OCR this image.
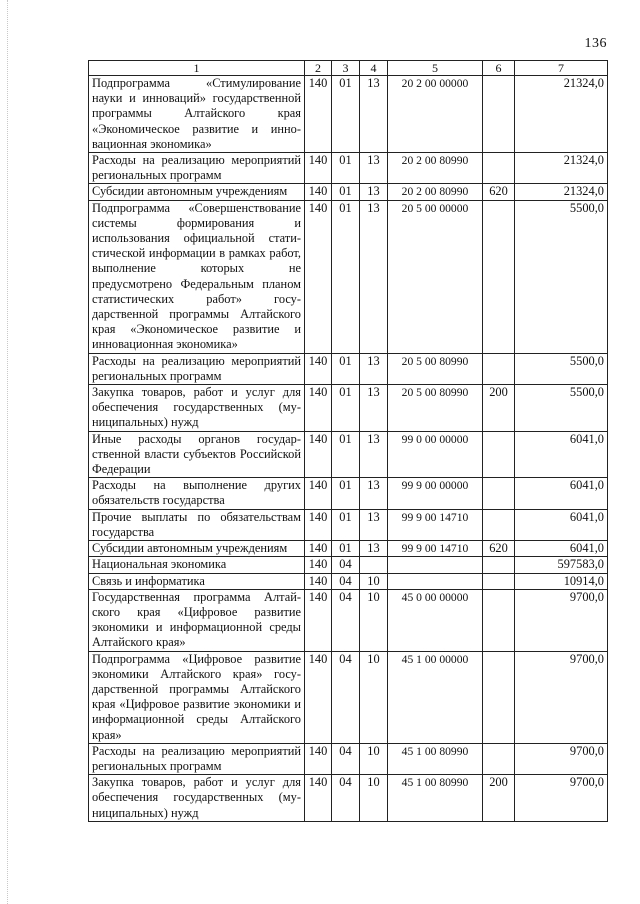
136
1	2	3	4	5	6	7
Подпрограмма «Стимулирование науки и инноваций» государственной программы Алтайского края «Экономическое развитие и инновационная экономика»	140	01	13	20 2 00 00000		21324,0
Расходы на реализацию мероприятий региональных программ	140	01	13	20 2 00 80990		21324,0
Субсидии автономным учреждениям	140	01	13	20 2 00 80990	620	21324,0
Подпрограмма «Совершенствование системы формирования и использования официальной статистической информации в рамках работ, выполнение которых не предусмотрено Федеральным планом статистических работ» государственной программы Алтайского края «Экономическое развитие и инновационная экономика»	140	01	13	20 5 00 00000		5500,0
Расходы на реализацию мероприятий региональных программ	140	01	13	20 5 00 80990		5500,0
Закупка товаров, работ и услуг для обеспечения государственных (муниципальных) нужд	140	01	13	20 5 00 80990	200	5500,0
Иные расходы органов государственной власти субъектов Российской Федерации	140	01	13	99 0 00 00000		6041,0
Расходы на выполнение других обязательств государства	140	01	13	99 9 00 00000		6041,0
Прочие выплаты по обязательствам государства	140	01	13	99 9 00 14710		6041,0
Субсидии автономным учреждениям	140	01	13	99 9 00 14710	620	6041,0
Национальная экономика	140	04				597583,0
Связь и информатика	140	04	10			10914,0
Государственная программа Алтайского края «Цифровое развитие экономики и информационной среды Алтайского края»	140	04	10	45 0 00 00000		9700,0
Подпрограмма «Цифровое развитие экономики Алтайского края» государственной программы Алтайского края «Цифровое развитие экономики и информационной среды Алтайского края»	140	04	10	45 1 00 00000		9700,0
Расходы на реализацию мероприятий региональных программ	140	04	10	45 1 00 80990		9700,0
Закупка товаров, работ и услуг для обеспечения государственных (муниципальных) нужд	140	04	10	45 1 00 80990	200	9700,0
